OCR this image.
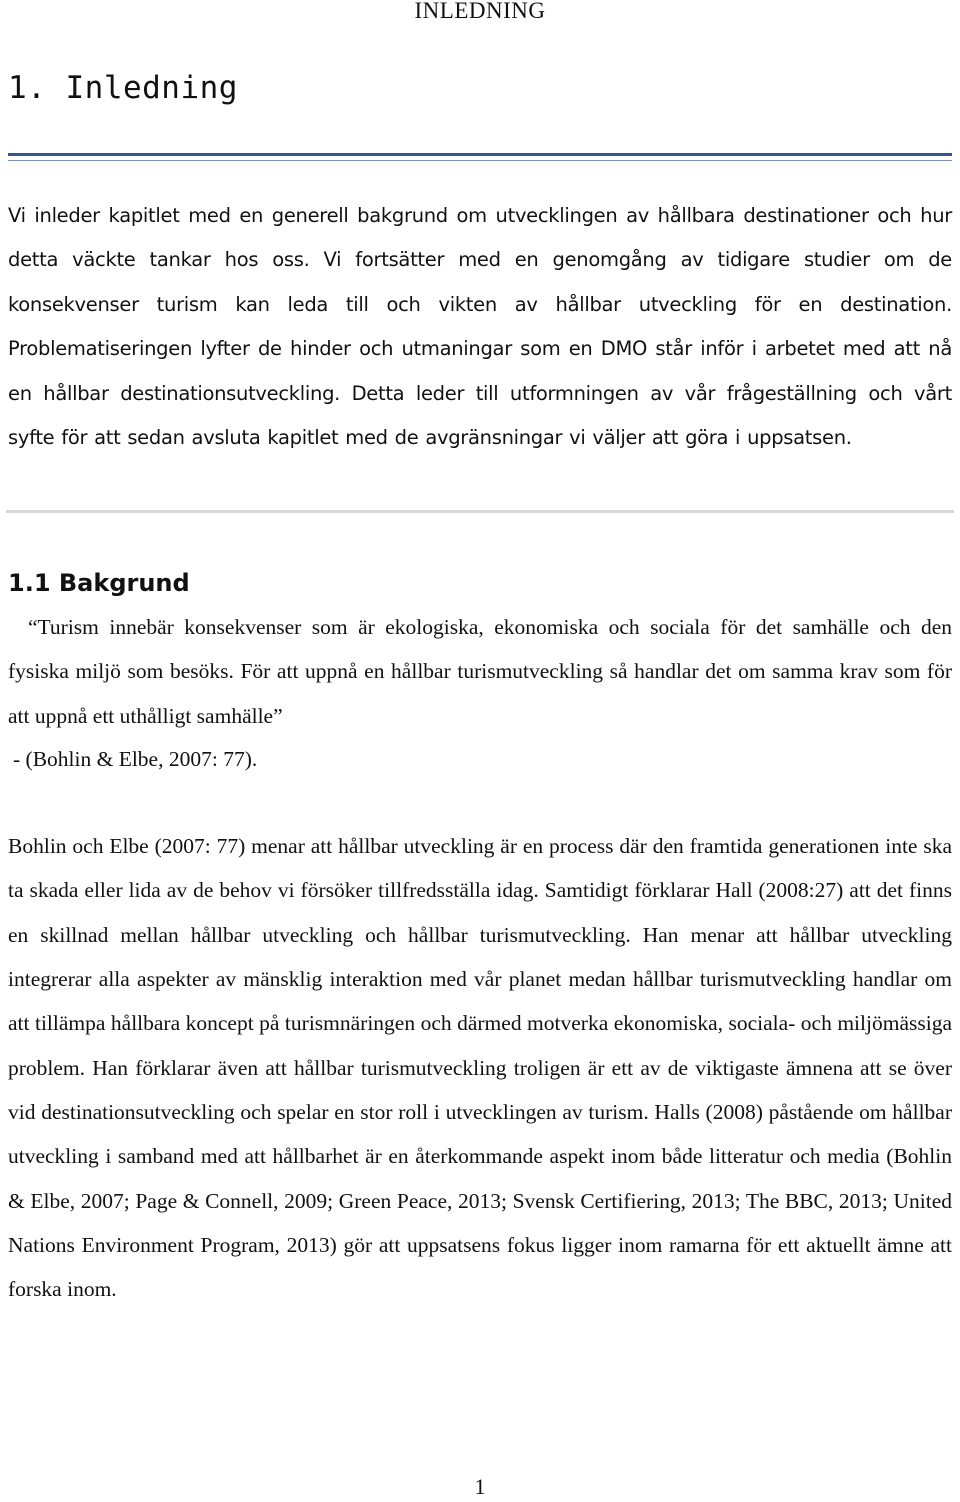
INLEDNING
1. Inledning

Vi inleder kapitlet med en generell bakgrund om utvecklingen av hållbara destinationer och hur detta väckte tankar hos oss. Vi fortsätter med en genomgång av tidigare studier om de konsekvenser turism kan leda till och vikten av hållbar utveckling för en destination. Problematiseringen lyfter de hinder och utmaningar som en DMO står inför i arbetet med att nå en hållbar destinationsutveckling. Detta leder till utformningen av vår frågeställning och vårt syfte för att sedan avsluta kapitlet med de avgränsningar vi väljer att göra i uppsatsen.

1.1 Bakgrund

“Turism innebär konsekvenser som är ekologiska, ekonomiska och sociala för det samhälle och den fysiska miljö som besöks. För att uppnå en hållbar turismutveckling så handlar det om samma krav som för att uppnå ett uthålligt samhälle”

- (Bohlin & Elbe, 2007: 77).

Bohlin och Elbe (2007: 77) menar att hållbar utveckling är en process där den framtida generationen inte ska ta skada eller lida av de behov vi försöker tillfredsställa idag. Samtidigt förklarar Hall (2008:27) att det finns en skillnad mellan hållbar utveckling och hållbar turismutveckling. Han menar att hållbar utveckling integrerar alla aspekter av mänsklig interaktion med vår planet medan hållbar turismutveckling handlar om att tillämpa hållbara koncept på turismnäringen och därmed motverka ekonomiska, sociala- och miljömässiga problem. Han förklarar även att hållbar turismutveckling troligen är ett av de viktigaste ämnena att se över vid destinationsutveckling och spelar en stor roll i utvecklingen av turism. Halls (2008) påstående om hållbar utveckling i samband med att hållbarhet är en återkommande aspekt inom både litteratur och media (Bohlin & Elbe, 2007; Page & Connell, 2009; Green Peace, 2013; Svensk Certifiering, 2013; The BBC, 2013; United Nations Environment Program, 2013) gör att uppsatsens fokus ligger inom ramarna för ett aktuellt ämne att forska inom.

1
